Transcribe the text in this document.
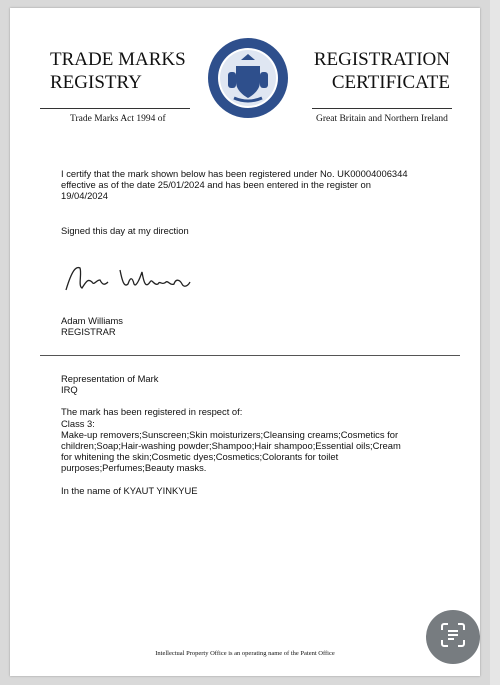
TRADE MARKS
REGISTRY
REGISTRATION
CERTIFICATE
Trade Marks Act 1994 of	Great Britain and Northern Ireland
I certify that the mark shown below has been registered under No. UK00004006344
effective as of the date 25/01/2024 and has been entered in the register on
19/04/2024
Signed this day at my direction
Adam Williams
REGISTRAR
Representation of Mark
IRQ
The mark has been registered in respect of:
Class 3:
Make-up removers;Sunscreen;Skin moisturizers;Cleansing creams;Cosmetics for
children;Soap;Hair-washing powder;Shampoo;Hair shampoo;Essential oils;Cream
for whitening the skin;Cosmetic dyes;Cosmetics;Colorants for toilet
purposes;Perfumes;Beauty masks.
In the name of KYAUT YINKYUE
Intellectual Property Office is an operating name of the Patent Office
